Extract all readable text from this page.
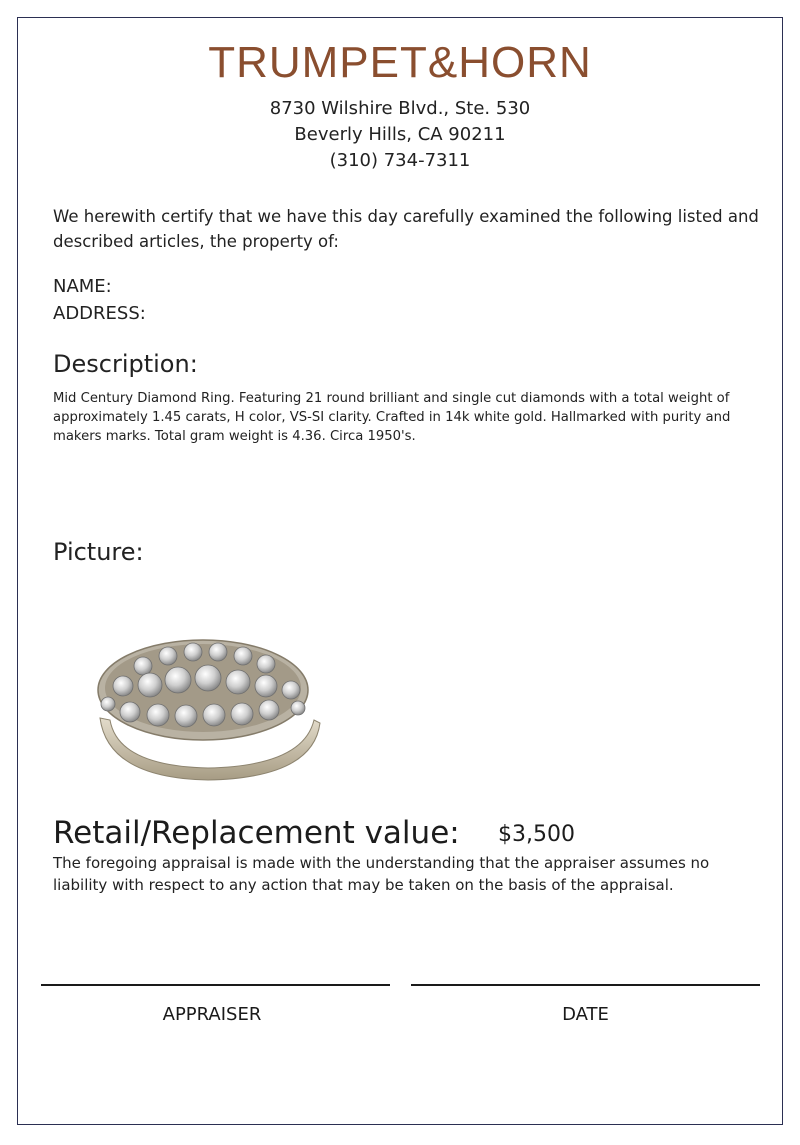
TRUMPET&HORN
8730 Wilshire Blvd., Ste. 530
Beverly Hills, CA 90211
(310) 734-7311
We herewith certify that we have this day carefully examined the following listed and described articles, the property of:
NAME:
ADDRESS:
Description:
Mid Century Diamond Ring. Featuring 21 round brilliant and single cut diamonds with a total weight of approximately 1.45 carats, H color, VS-SI clarity. Crafted in 14k white gold. Hallmarked with purity and makers marks. Total gram weight is 4.36. Circa 1950's.
Picture:
Retail/Replacement value: $3,500
The foregoing appraisal is made with the understanding that the appraiser assumes no liability with respect to any action that may be taken on the basis of the appraisal.
APPRAISER	DATE
